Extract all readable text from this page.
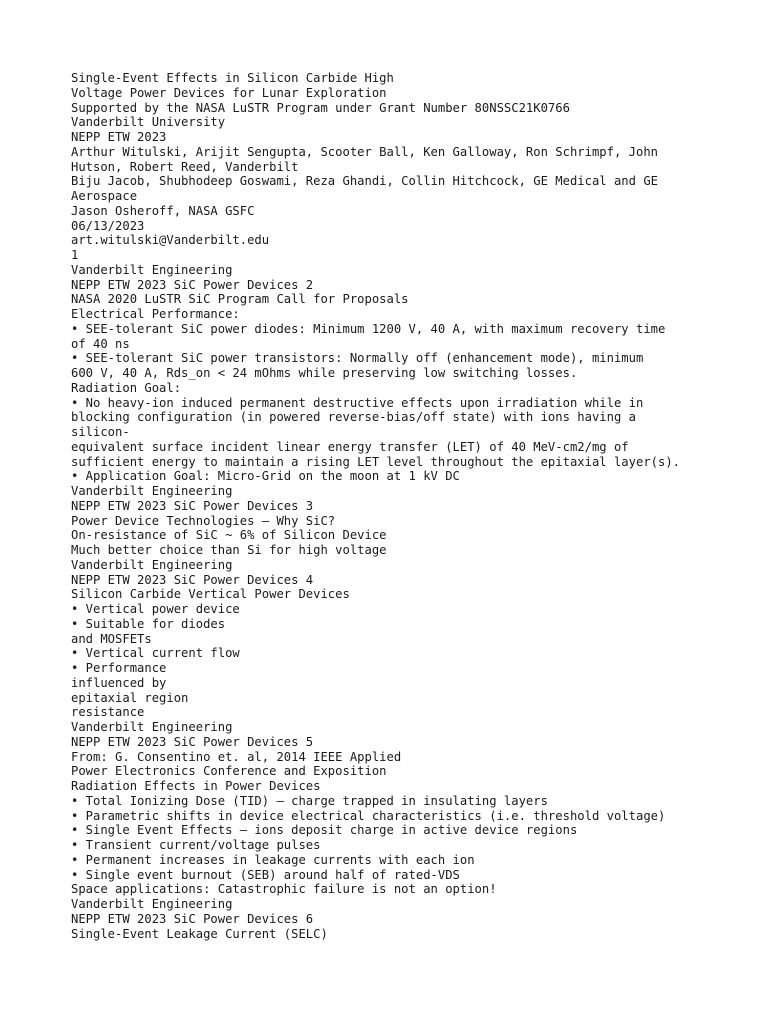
Single-Event Effects in Silicon Carbide High
Voltage Power Devices for Lunar Exploration
Supported by the NASA LuSTR Program under Grant Number 80NSSC21K0766
Vanderbilt University
NEPP ETW 2023
Arthur Witulski, Arijit Sengupta, Scooter Ball, Ken Galloway, Ron Schrimpf, John
Hutson, Robert Reed, Vanderbilt
Biju Jacob, Shubhodeep Goswami, Reza Ghandi, Collin Hitchcock, GE Medical and GE
Aerospace
Jason Osheroff, NASA GSFC
06/13/2023
art.witulski@Vanderbilt.edu
1
Vanderbilt Engineering
NEPP ETW 2023 SiC Power Devices 2
NASA 2020 LuSTR SiC Program Call for Proposals
Electrical Performance:
• SEE-tolerant SiC power diodes: Minimum 1200 V, 40 A, with maximum recovery time
of 40 ns
• SEE-tolerant SiC power transistors: Normally off (enhancement mode), minimum
600 V, 40 A, Rds_on < 24 mOhms while preserving low switching losses.
Radiation Goal:
• No heavy-ion induced permanent destructive effects upon irradiation while in
blocking configuration (in powered reverse-bias/off state) with ions having a
silicon-
equivalent surface incident linear energy transfer (LET) of 40 MeV-cm2/mg of
sufficient energy to maintain a rising LET level throughout the epitaxial layer(s).
• Application Goal: Micro-Grid on the moon at 1 kV DC
Vanderbilt Engineering
NEPP ETW 2023 SiC Power Devices 3
Power Device Technologies – Why SiC?
On-resistance of SiC ~ 6% of Silicon Device
Much better choice than Si for high voltage
Vanderbilt Engineering
NEPP ETW 2023 SiC Power Devices 4
Silicon Carbide Vertical Power Devices
• Vertical power device
• Suitable for diodes
and MOSFETs
• Vertical current flow
• Performance
influenced by
epitaxial region
resistance
Vanderbilt Engineering
NEPP ETW 2023 SiC Power Devices 5
From: G. Consentino et. al, 2014 IEEE Applied
Power Electronics Conference and Exposition
Radiation Effects in Power Devices
• Total Ionizing Dose (TID) – charge trapped in insulating layers
• Parametric shifts in device electrical characteristics (i.e. threshold voltage)
• Single Event Effects – ions deposit charge in active device regions
• Transient current/voltage pulses
• Permanent increases in leakage currents with each ion
• Single event burnout (SEB) around half of rated-VDS
Space applications: Catastrophic failure is not an option!
Vanderbilt Engineering
NEPP ETW 2023 SiC Power Devices 6
Single-Event Leakage Current (SELC)
